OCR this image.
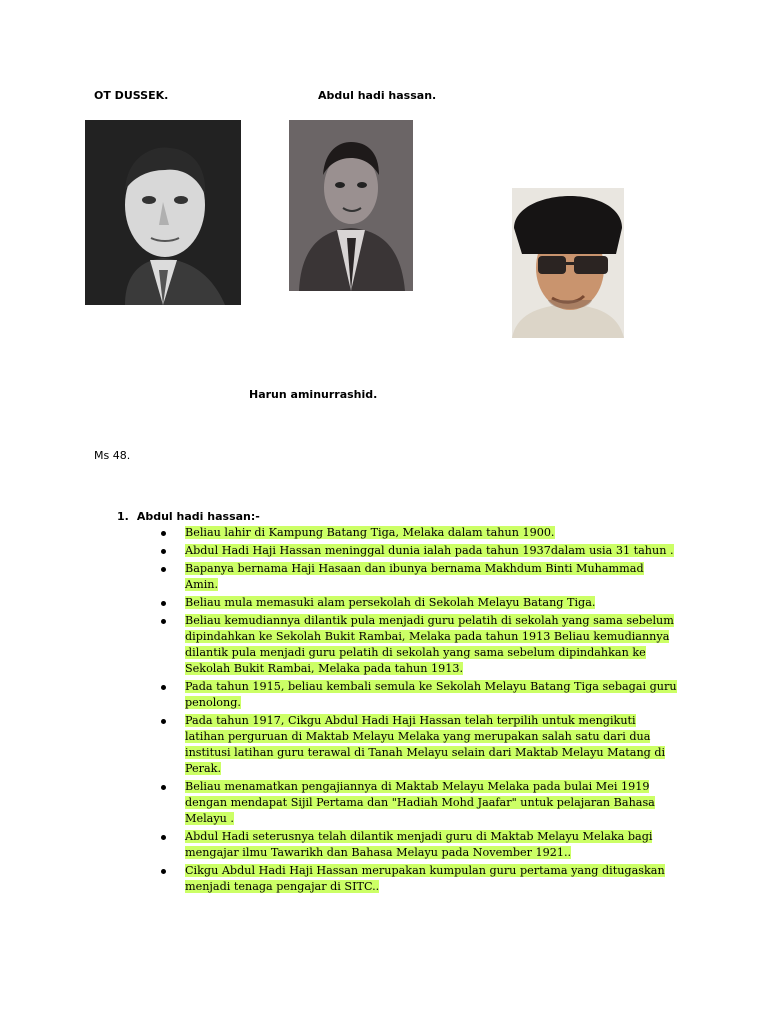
OT DUSSEK.	Abdul hadi hassan.
Harun aminurrashid.
Ms 48.
1. Abdul hadi hassan:-
Beliau lahir di Kampung Batang Tiga, Melaka dalam tahun 1900.
Abdul Hadi Haji Hassan meninggal dunia ialah pada tahun 1937dalam usia 31 tahun .
Bapanya bernama Haji Hasaan dan ibunya bernama Makhdum Binti Muhammad Amin.
Beliau mula memasuki alam persekolah di Sekolah Melayu Batang Tiga.
Beliau kemudiannya dilantik pula menjadi guru pelatih di sekolah yang sama sebelum dipindahkan ke Sekolah Bukit Rambai, Melaka pada tahun 1913 Beliau kemudiannya dilantik pula menjadi guru pelatih di sekolah yang sama sebelum dipindahkan ke Sekolah Bukit Rambai, Melaka pada tahun 1913.
Pada tahun 1915, beliau kembali semula ke Sekolah Melayu Batang Tiga sebagai guru penolong.
Pada tahun 1917, Cikgu Abdul Hadi Haji Hassan telah terpilih untuk mengikuti latihan perguruan di Maktab Melayu Melaka yang merupakan salah satu dari dua institusi latihan guru terawal di Tanah Melayu selain dari Maktab Melayu Matang di Perak.
Beliau menamatkan pengajiannya di Maktab Melayu Melaka pada bulai Mei 1919 dengan mendapat Sijil Pertama dan "Hadiah Mohd Jaafar" untuk pelajaran Bahasa Melayu .
Abdul Hadi seterusnya telah dilantik menjadi guru di Maktab Melayu Melaka bagi mengajar ilmu Tawarikh dan Bahasa Melayu pada November 1921..
Cikgu Abdul Hadi Haji Hassan merupakan kumpulan guru pertama yang ditugaskan menjadi tenaga pengajar di SITC..
